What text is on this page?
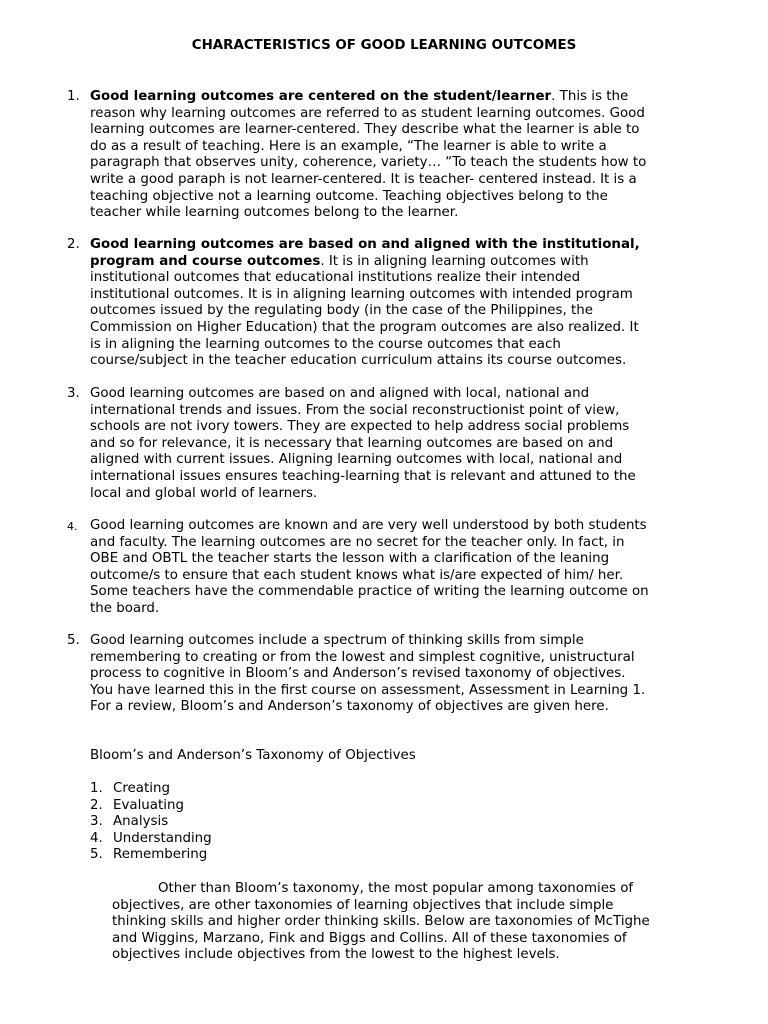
CHARACTERISTICS OF GOOD LEARNING OUTCOMES
1. Good learning outcomes are centered on the student/learner. This is the
reason why learning outcomes are referred to as student learning outcomes. Good
learning outcomes are learner-centered. They describe what the learner is able to
do as a result of teaching. Here is an example, “The learner is able to write a
paragraph that observes unity, coherence, variety… “To teach the students how to
write a good paraph is not learner-centered. It is teacher- centered instead. It is a
teaching objective not a learning outcome. Teaching objectives belong to the
teacher while learning outcomes belong to the learner.

2. Good learning outcomes are based on and aligned with the institutional,
program and course outcomes. It is in aligning learning outcomes with
institutional outcomes that educational institutions realize their intended
institutional outcomes. It is in aligning learning outcomes with intended program
outcomes issued by the regulating body (in the case of the Philippines, the
Commission on Higher Education) that the program outcomes are also realized. It
is in aligning the learning outcomes to the course outcomes that each
course/subject in the teacher education curriculum attains its course outcomes.

3. Good learning outcomes are based on and aligned with local, national and
international trends and issues. From the social reconstructionist point of view,
schools are not ivory towers. They are expected to help address social problems
and so for relevance, it is necessary that learning outcomes are based on and
aligned with current issues. Aligning learning outcomes with local, national and
international issues ensures teaching-learning that is relevant and attuned to the
local and global world of learners.

4. Good learning outcomes are known and are very well understood by both students
and faculty. The learning outcomes are no secret for the teacher only. In fact, in
OBE and OBTL the teacher starts the lesson with a clarification of the leaning
outcome/s to ensure that each student knows what is/are expected of him/ her.
Some teachers have the commendable practice of writing the learning outcome on
the board.

5. Good learning outcomes include a spectrum of thinking skills from simple
remembering to creating or from the lowest and simplest cognitive, unistructural
process to cognitive in Bloom’s and Anderson’s revised taxonomy of objectives.
You have learned this in the first course on assessment, Assessment in Learning 1.
For a review, Bloom’s and Anderson’s taxonomy of objectives are given here.

Bloom’s and Anderson’s Taxonomy of Objectives

1. Creating
2. Evaluating
3. Analysis
4. Understanding
5. Remembering

Other than Bloom’s taxonomy, the most popular among taxonomies of
objectives, are other taxonomies of learning objectives that include simple
thinking skills and higher order thinking skills. Below are taxonomies of McTighe
and Wiggins, Marzano, Fink and Biggs and Collins. All of these taxonomies of
objectives include objectives from the lowest to the highest levels.
